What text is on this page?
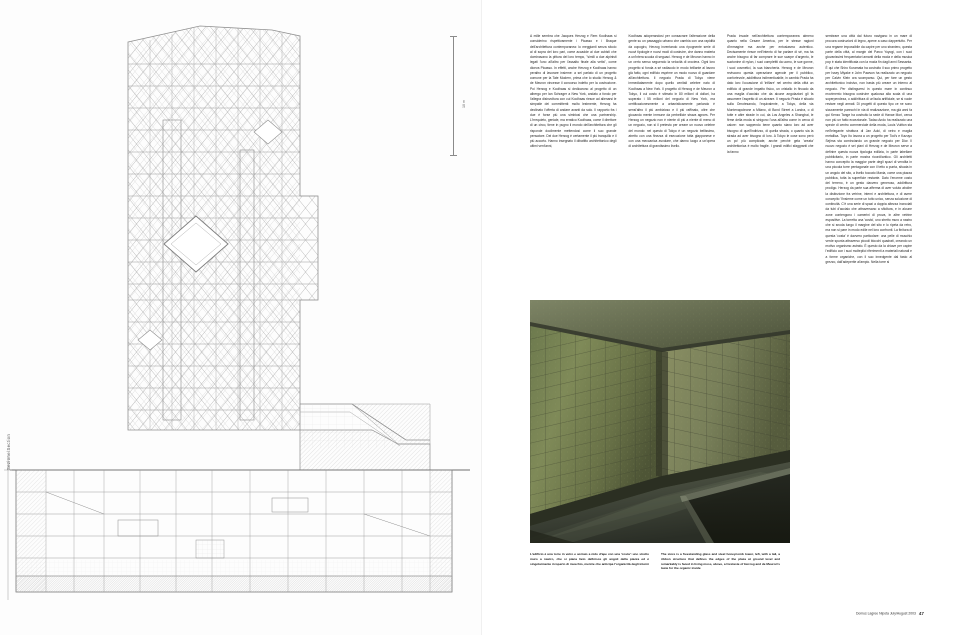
10 m
Sezione/Section
A mille sembra che Jacques Herzog e Rem Koolhaas si considerino rispettivamente i Picasso e i Braque dell'architettura contemporanea: lo meggianti senza sfocio al di sopra del loro pari, come accadde ai due cubisti che dominavano la pittura del loro tempo, "simili a due alpinisti legati l'uno all'altro per l'assalto finale alla vetta", come diceva Picasso. In effetti, anche Herzog e Koolhaas hanno peraltro di lavorare insieme: a sei parlato di un progetto comune per la Tate Modern, prima che lo studio Herzog & de Meuron vincesse il concorso indetto per la costruzione. Poi Herzog e Koolhaas si dedicarono al progetto di un albergo per lan Schrager a New York, andato a fondo per l'allegra disinvoltura con cui Koolhaas riesce ad alienarsi le simpatie dei committenti: molto lestmente, Herzog ha declinato l'offerta di andare avanti da solo. Il rapporto fra i due è forse più una simbiosi che una partnership. L'irrequieto, geniale, ma erratico Koolhaas, come il direttore di un circo, tiene in pugno il mondo dell'architettura che gli risponde docilmente mettendosi come il suo grande pensatore. Dei due Herzog è certamente il più tranquillo e il più accorto. Hanno insegnato il dibattito architettonico degli ultimi vent'anni,
Koolhaas adoperandosi per consacrare l'alterazione della gente su un passaggio urbano che cambia con una rapidità da copogiro, Herzog inventando una ripognente serie di nuovi tipologie e nuovi modi di costruire, che danno materia a un'intera scuola di seguaci. Herzog e de Meuron hanno in un certo senso seguendo la velocità di crociera. Ogni loro progetto si fonda a sé radiacolo in modo brillante al lavoro già fatto, ogni edificio esprime un modo nuovo di guardare all'architettura. Il negozio Prada di Tokyo viene immediatamente dopo quello cenitali celebre nato di Koolhaas a New York. Il progetto di Herzog e de Meuron a Tokyo, il cui costo è stimato in 80 milioni di dollari, ha superato i 55 milioni del negozio di New York, ma certificazionesmente a urbanisticamente parlando è sensi'altro il più ambizioso e il più raffinato, oltre che giocando mente immune da perbellicie strava agroes. Per Herzog un negozio non è niente di più a niente di meno di un negozio, non si il pretesto per creare un nuovo celebre del mondo: nel questo di Tokyo è un negozio bellissimo, atretto con una finezza di esecuzione tutta giapponese e con una meccanica avvolare, che danno luogo a un'opera di architettura di grandissimo livello.
Prada invade nell'architettura contemporanea almeno quanto nella Cesare America, per le stesse ragioni d'immagine ma anche per entusiasmo autentico. Decisamente riesce nell'intento di far parlare di sé, ma ha anche bisogno di far comprare le sue scarpe d'argento, le suotonine di nylon, i suoi complettti da uomo, le sue gonne, i suoi cosmetici, la sua biancheria. Herzog e de Meuron reviscono questa operazione agevole per il pubblico, confortevole, addirittura indimenticabile, in cambio Prada ha dato loro l'occasione di 'infilare' nel centro della città un edificio di grande impatto fisico, un cristallo in fincado da una maglia d'acciaio che da alcune angolazioni gli fa assumere l'aspetto di un alveare. Il negozio Prada è situato sulla Omotesando, l'equivalente, a Tokyo, della via Montenapoleone a Milano, di Bond Street a Londra, o di tutte e altre strade in cui, da Los Angeles a Shanghai, le firme della moda si sinigono l'una all'altra come in cerca di calore: non sappendo bene quanto siano loro ad aver bisogno di quell'indirizzo, di quella strada, o quanto sia la strada ad aver bisogno di loro. A Tokyo le cose sono peró un po' più complicate, anche perché gela 'creata' architettonica è molto fragile. I grandi edifici sfaggranti che la fanno
sembrare una città dal futuro navigano in un mare di procura costruzioni di legno, apene a caso dappertutto. Per una regame impossibile da capire per uno straniero, questa parte della città, al margin del Parco Yoyogi, con i suoi giovanissimi frequentatori amanti della moda e della musica pop è stata identificata con la moda fin dagli anni Sessanta. È qui che Shiro Kuramata ha costruito il suo primo progetto per Issey Miyake e John Pawson ha realizzato un negozio per Calvin Klein ora scomparso. Qui, per fare un gesto architettonico incisivo, non basta più creare un interno al negozio. Per distinguersi in questo mare in continuo movimento bisogna costruire qualcosa alla scala di una soperpendeza, o addirittura di un'isola artificiale, se si vuole restare negli armati. Di progetti di questo tipo ce ne sono sicuramente parecchi in via di realizzazione, ma già anni fa qui Kenzo Tange ha costruito la sede di Hanae Mori, cerca non più un fatto eccezionale. Tadao Ando ha realizzato una specie di centro commerciale della moda, Louis Vuitton sta nell'elegante struttura di Jan Aoki, di vetro e maglia metallica. Toyo Ito lavora a un progetto per Tod's e Kazuyo Sejima sta cominciando un grande negozio per Dior. Il nuovo negozio è sei piani di Herzog e de Meuron serve a definire questa nuova tipologia edilizia, in parte labellare pubblicitario, in parte mostra ricordi/antico. Gli architetti hanno concepito la maggior parte degli spazi di vendita in una piccola torre pentagonale con il tetto a punta, situata in un angolo del sito, a livello toccato Mania, come una piazza pubblica, tutta la superficie restante. Dato l'enorme costo del terreno, è un gesto davvero generoso, addirittura prodigo. Herzog da parte sua afferma di aver voluto abolire la distinzione fra vetrine, interni e architettura, e di avere concepito 'l'insieme come un tutto unico, senza soluzione di continuità. C'è una serie di spazi a doppia altezza incrociati da tubi d'acciaio che attraversano a sfioltura, e in alcune zone contengono i camerini di prova, in altre vetrine espositive. La torretta una 'costa', uno stretto muro a nastro che si snoda lungo il margine del sito e lo ripeta da retro, ma non si pare in modo edile nel loro confronti. La finitura di questa 'costa' è davvero particolare: una pelle di muschio verde spunta attraverso piccoli blocchi quadrati, creando un motivo organismo astrato. È questo da la chiave per capire l'edificio con i suoi molteplici riferimenti a materiali naturali e a forme organiche, con il suo innedgente dal fasto al grezzo, dall'adeperite al'ampio. Nella torre si
L'edificio è una torre in vetro e acciaio a nido d'ape con una 'costa': uno stretto muro a nastro, che si piana lieto definisce gli angoli della piazza ed è singolarmente ricoperto di muschio, mentre che anticipa l'organicità degli interni
The store is a freestanding glass and steel honeycomb tower, left, with a tail, a ribbon structure that defines the edges of the plaza at ground level and remarkably is faced in living moss, above, a foretaste of Herzog and de Meuron's taste for the organic inside
Domus Lagree Nipota July/August 2003 47
